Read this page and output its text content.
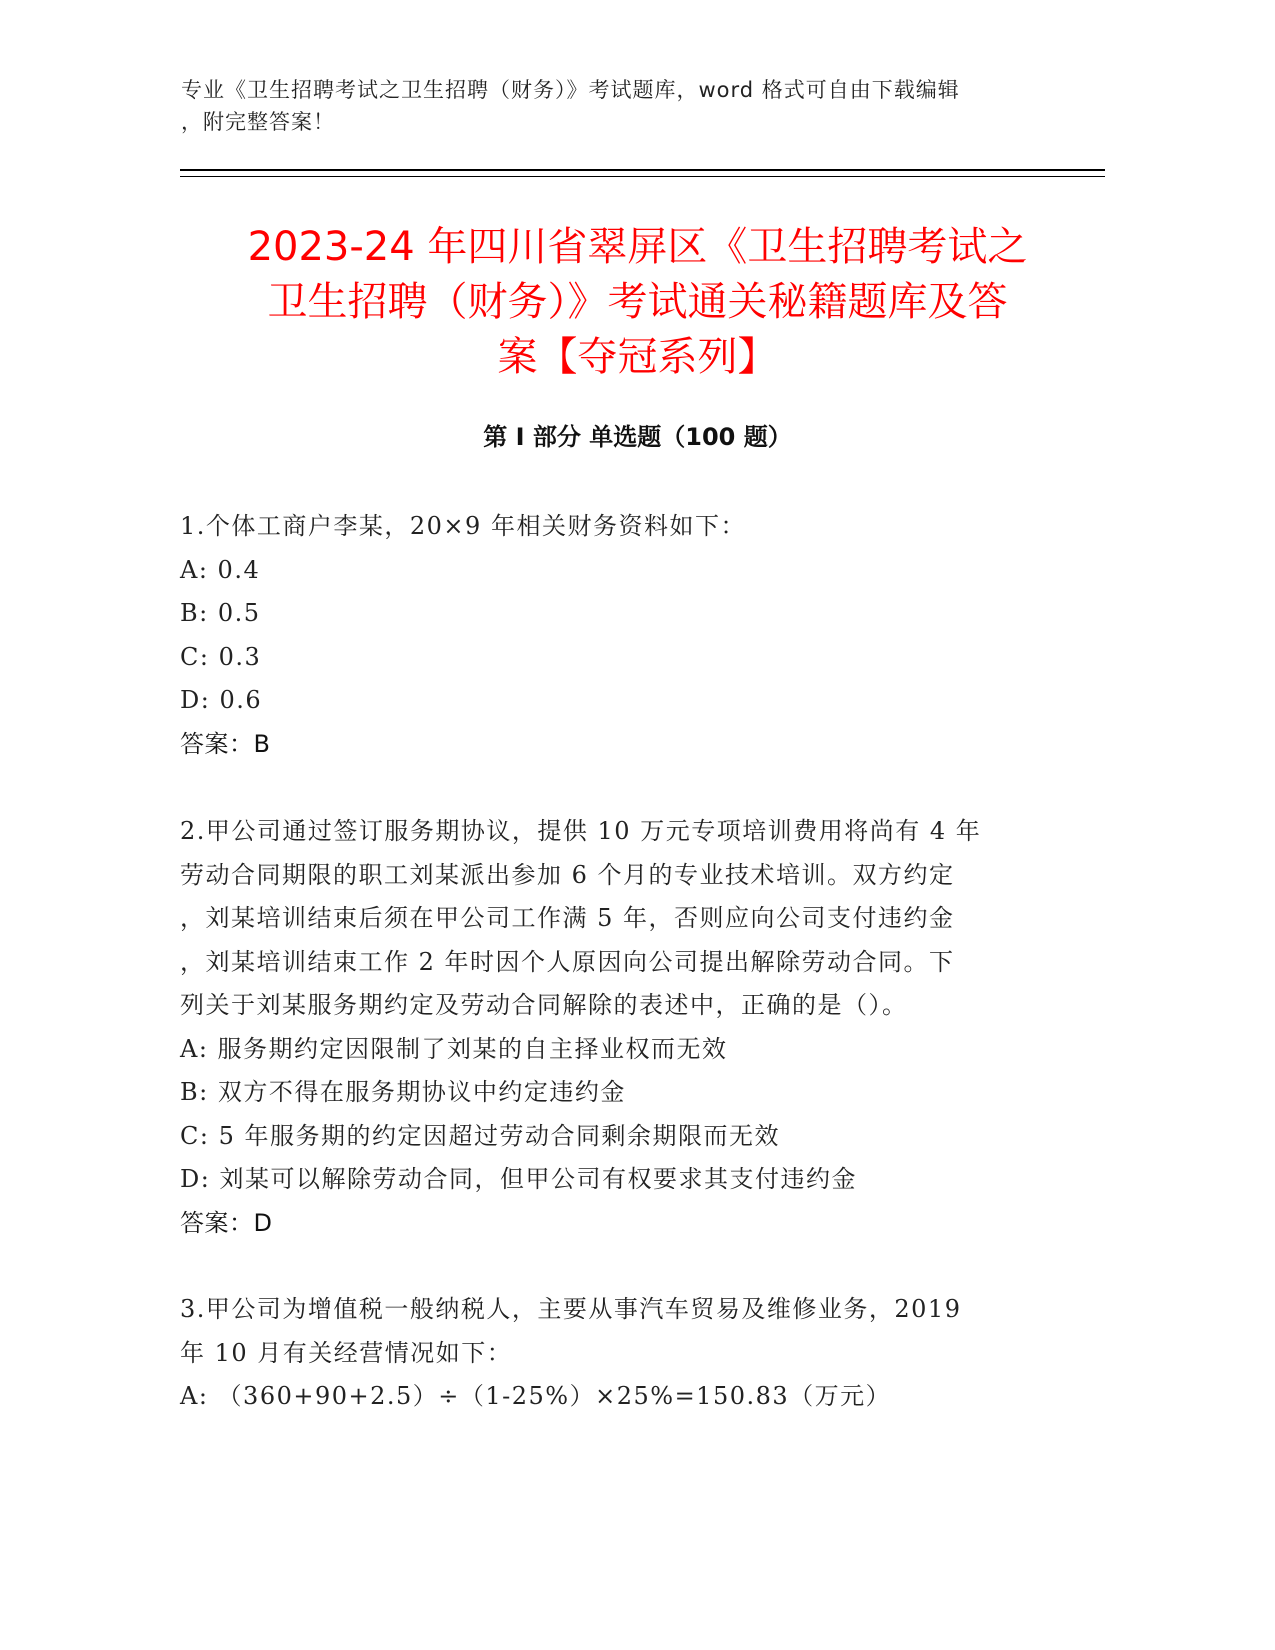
专业《卫生招聘考试之卫生招聘（财务）》考试题库，word 格式可自由下载编辑

，附完整答案！

2023-24 年四川省翠屏区《卫生招聘考试之
卫生招聘（财务）》考试通关秘籍题库及答
案【夺冠系列】
第 I 部分 单选题（100 题）

1.个体工商户李某，20×9 年相关财务资料如下：

A: 0.4

B: 0.5

C: 0.3

D: 0.6

答案：B

2.甲公司通过签订服务期协议，提供 10 万元专项培训费用将尚有 4 年

劳动合同期限的职工刘某派出参加 6 个月的专业技术培训。双方约定

，刘某培训结束后须在甲公司工作满 5 年，否则应向公司支付违约金

，刘某培训结束工作 2 年时因个人原因向公司提出解除劳动合同。下

列关于刘某服务期约定及劳动合同解除的表述中，正确的是（）。

A: 服务期约定因限制了刘某的自主择业权而无效

B: 双方不得在服务期协议中约定违约金

C: 5 年服务期的约定因超过劳动合同剩余期限而无效

D: 刘某可以解除劳动合同，但甲公司有权要求其支付违约金

答案：D

3.甲公司为增值税一般纳税人，主要从事汽车贸易及维修业务，2019

年 10 月有关经营情况如下：

A: （360+90+2.5）÷（1-25%）×25%=150.83（万元）
